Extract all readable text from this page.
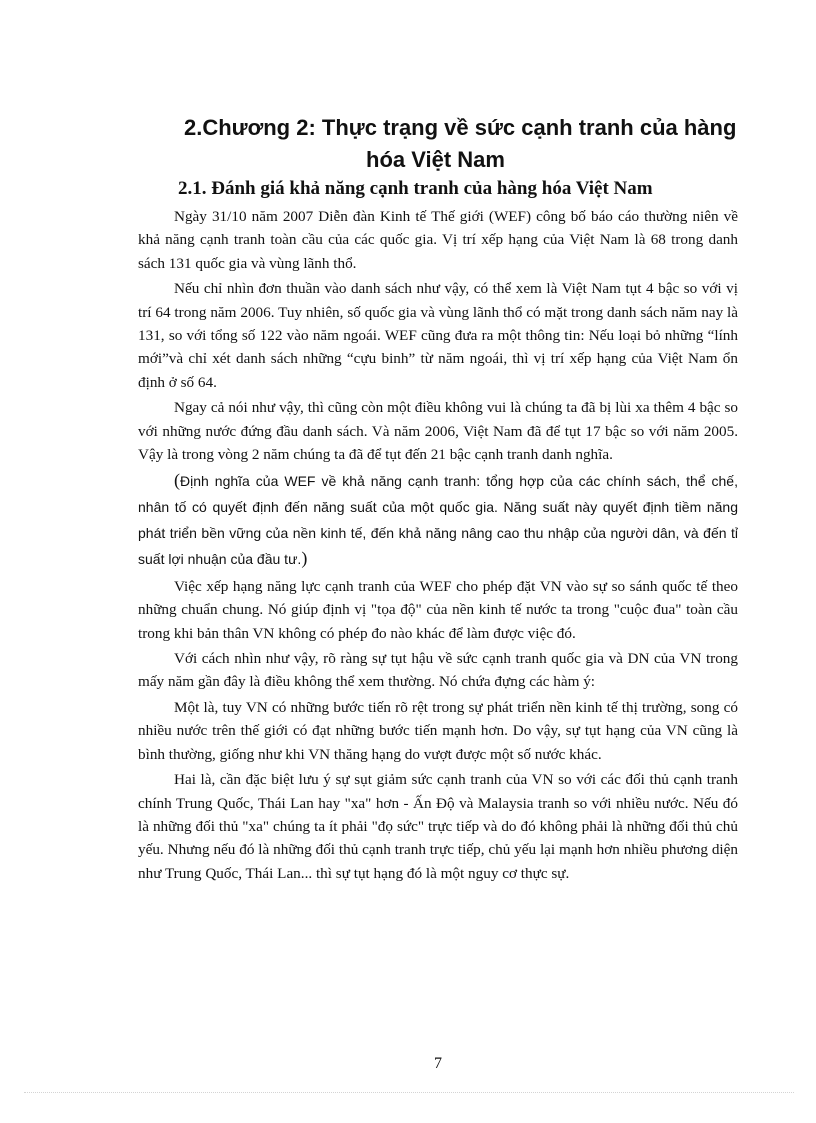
2.Chương 2: Thực trạng về sức cạnh tranh của hàng
hóa Việt Nam
2.1. Đánh giá khả năng cạnh tranh của hàng hóa Việt Nam

Ngày 31/10 năm 2007 Diễn đàn Kinh tế Thế giới (WEF) công bố báo cáo thường niên về khả năng cạnh tranh toàn cầu của các quốc gia. Vị trí xếp hạng của Việt Nam là 68 trong danh sách 131 quốc gia và vùng lãnh thổ.

Nếu chỉ nhìn đơn thuần vào danh sách như vậy, có thể xem là Việt Nam tụt 4 bậc so với vị trí 64 trong năm 2006. Tuy nhiên, số quốc gia và vùng lãnh thổ có mặt trong danh sách năm nay là 131, so với tổng số 122 vào năm ngoái. WEF cũng đưa ra một thông tin: Nếu loại bỏ những “lính mới”và chỉ xét danh sách những “cựu binh” từ năm ngoái, thì vị trí xếp hạng của Việt Nam ổn định ở số 64.

Ngay cả nói như vậy, thì cũng còn một điều không vui là chúng ta đã bị lùi xa thêm 4 bậc so với những nước đứng đầu danh sách. Và năm 2006, Việt Nam đã để tụt 17 bậc so với năm 2005. Vậy là trong vòng 2 năm chúng ta đã để tụt đến 21 bậc cạnh tranh danh nghĩa.

(Định nghĩa của WEF về khả năng cạnh tranh: tổng hợp của các chính sách, thể chế, nhân tố có quyết định đến năng suất của một quốc gia. Năng suất này quyết định tiềm năng phát triển bền vững của nền kinh tế, đến khả năng nâng cao thu nhập của người dân, và đến tỉ suất lợi nhuận của đầu tư.)

Việc xếp hạng năng lực cạnh tranh của WEF cho phép đặt VN vào sự so sánh quốc tế theo những chuẩn chung. Nó giúp định vị "tọa độ" của nền kinh tế nước ta trong "cuộc đua" toàn cầu trong khi bản thân VN không có phép đo nào khác để làm được việc đó.

Với cách nhìn như vậy, rõ ràng sự tụt hậu về sức cạnh tranh quốc gia và DN của VN trong mấy năm gần đây là điều không thể xem thường. Nó chứa đựng các hàm ý:

Một là, tuy VN có những bước tiến rõ rệt trong sự phát triển nền kinh tế thị trường, song có nhiều nước trên thế giới có đạt những bước tiến mạnh hơn. Do vậy, sự tụt hạng của VN cũng là bình thường, giống như khi VN thăng hạng do vượt được một số nước khác.

Hai là, cần đặc biệt lưu ý sự sụt giảm sức cạnh tranh của VN so với các đối thủ cạnh tranh chính Trung Quốc, Thái Lan hay "xa" hơn - Ấn Độ và Malaysia tranh so với nhiều nước. Nếu đó là những đối thủ "xa" chúng ta ít phải "đọ sức" trực tiếp và do đó không phải là những đối thủ chủ yếu. Nhưng nếu đó là những đối thủ cạnh tranh trực tiếp, chủ yếu lại mạnh hơn nhiều phương diện như Trung Quốc, Thái Lan... thì sự tụt hạng đó là một nguy cơ thực sự.

7
